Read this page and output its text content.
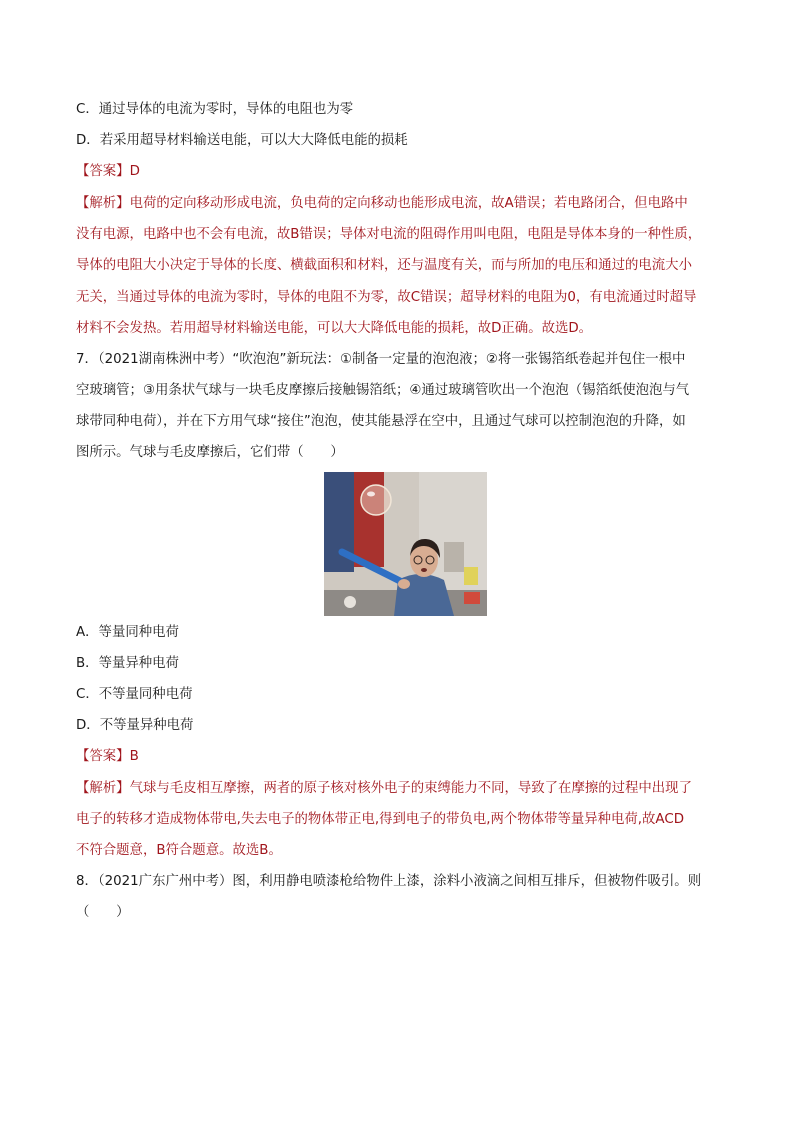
C．通过导体的电流为零时，导体的电阻也为零
D．若采用超导材料输送电能，可以大大降低电能的损耗
【答案】D
【解析】电荷的定向移动形成电流，负电荷的定向移动也能形成电流，故A错误；若电路闭合，但电路中
没有电源，电路中也不会有电流，故B错误；导体对电流的阻碍作用叫电阻，电阻是导体本身的一种性质，
导体的电阻大小决定于导体的长度、横截面积和材料，还与温度有关，而与所加的电压和通过的电流大小
无关，当通过导体的电流为零时，导体的电阻不为零，故C错误；超导材料的电阻为0，有电流通过时超导
材料不会发热。若用超导材料输送电能，可以大大降低电能的损耗，故D正确。故选D。
7．（2021湖南株洲中考）“吹泡泡”新玩法：①制备一定量的泡泡液；②将一张锡箔纸卷起并包住一根中
空玻璃管；③用条状气球与一块毛皮摩擦后接触锡箔纸；④通过玻璃管吹出一个泡泡（锡箔纸使泡泡与气
球带同种电荷），并在下方用气球“接住”泡泡，使其能悬浮在空中，且通过气球可以控制泡泡的升降，如
图所示。气球与毛皮摩擦后，它们带（　　）
A．等量同种电荷
B．等量异种电荷
C．不等量同种电荷
D．不等量异种电荷
【答案】B
【解析】气球与毛皮相互摩擦，两者的原子核对核外电子的束缚能力不同，导致了在摩擦的过程中出现了
电子的转移才造成物体带电,失去电子的物体带正电,得到电子的带负电,两个物体带等量异种电荷,故ACD
不符合题意，B符合题意。故选B。
8．（2021广东广州中考）图，利用静电喷漆枪给物件上漆，涂料小液滴之间相互排斥，但被物件吸引。则
（　　）
